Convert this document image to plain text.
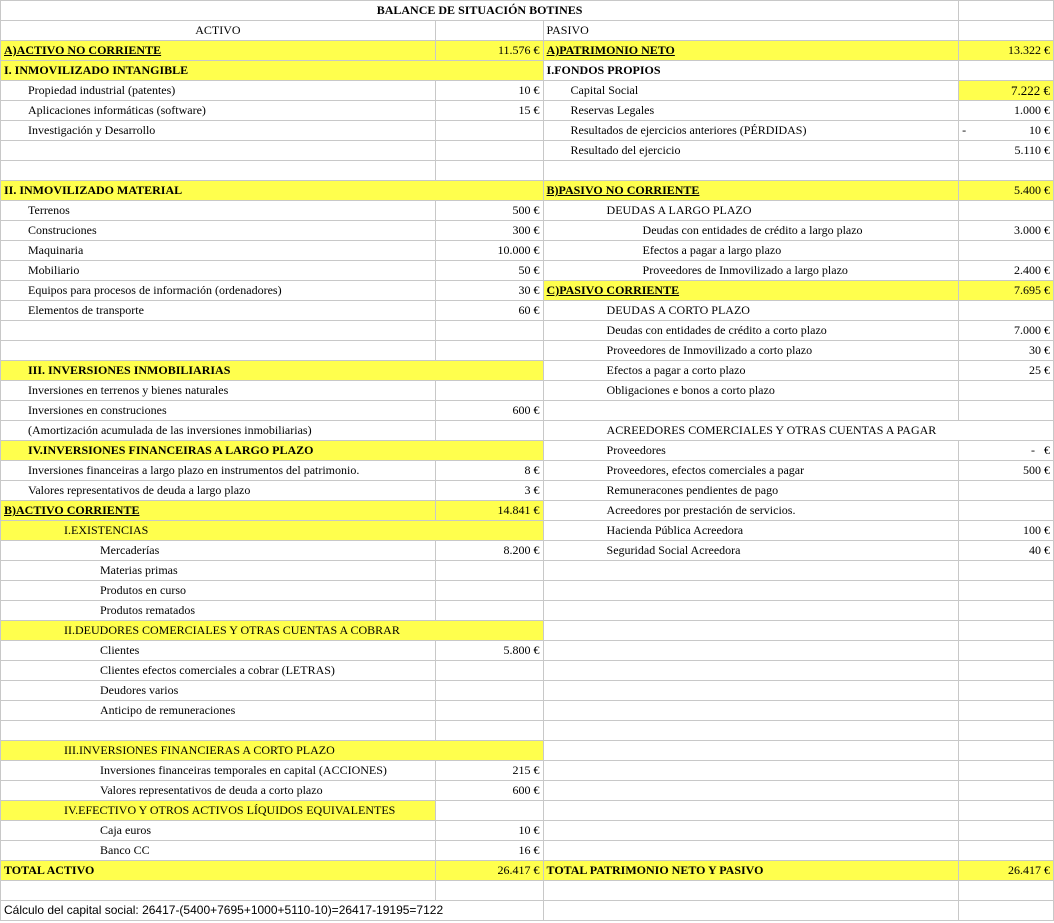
BALANCE DE SITUACIÓN BOTINES			
ACTIVO		PASIVO	
A)ACTIVO NO CORRIENTE	11.576 €	A)PATRIMONIO NETO	13.322 €
I. INMOVILIZADO INTANGIBLE		I.FONDOS PROPIOS	
Propiedad industrial (patentes)	10 €	Capital Social	7.222 €
Aplicaciones informáticas (software)	15 €	Reservas Legales	1.000 €
Investigación y Desarrollo		Resultados de ejercicios anteriores (PÉRDIDAS)	- 10 €
		Resultado del ejercicio	5.110 €

II. INMOVILIZADO MATERIAL		B)PASIVO NO CORRIENTE	5.400 €
Terrenos	500 €	DEUDAS A LARGO PLAZO	
Construciones	300 €	Deudas con entidades de crédito a largo plazo	3.000 €
Maquinaria	10.000 €	Efectos a pagar a largo plazo	
Mobiliario	50 €	Proveedores de Inmovilizado a largo plazo	2.400 €
Equipos para procesos de información (ordenadores)	30 €	C)PASIVO CORRIENTE	7.695 €
Elementos de transporte	60 €	DEUDAS A CORTO PLAZO	
		Deudas con entidades de crédito a corto plazo	7.000 €
		Proveedores de Inmovilizado a corto plazo	30 €
III. INVERSIONES INMOBILIARIAS		Efectos a pagar a corto plazo	25 €
Inversiones en terrenos y bienes naturales		Obligaciones e bonos a corto plazo	
Inversiones en construciones	600 €		
(Amortización acumulada de las inversiones inmobiliarias)		ACREEDORES COMERCIALES Y OTRAS CUENTAS A PAGAR	
IV.INVERSIONES FINANCEIRAS A LARGO PLAZO		Proveedores	- €
Inversiones financeiras a largo plazo en instrumentos del patrimonio.	8 €	Proveedores, efectos comerciales a pagar	500 €
Valores representativos de deuda a largo plazo	3 €	Remuneracones pendientes de pago	
B)ACTIVO CORRIENTE	14.841 €	Acreedores por prestación de servicios.	
I.EXISTENCIAS		Hacienda Pública Acreedora	100 €
Mercaderías	8.200 €	Seguridad Social Acreedora	40 €
Materias primas			
Produtos en curso			
Produtos rematados			
II.DEUDORES COMERCIALES Y OTRAS CUENTAS A COBRAR			
Clientes	5.800 €		
Clientes efectos comerciales a cobrar (LETRAS)			
Deudores varios			
Anticipo de remuneraciones			

III.INVERSIONES FINANCIERAS A CORTO PLAZO			
Inversiones financeiras temporales en capital (ACCIONES)	215 €		
Valores representativos de deuda a corto plazo	600 €		
IV.EFECTIVO Y OTROS ACTIVOS LÍQUIDOS EQUIVALENTES			
Caja euros	10 €		
Banco CC	16 €		
TOTAL ACTIVO	26.417 €	TOTAL PATRIMONIO NETO Y PASIVO	26.417 €

Cálculo del capital social: 26417-(5400+7695+1000+5110-10)=26417-19195=7122			
